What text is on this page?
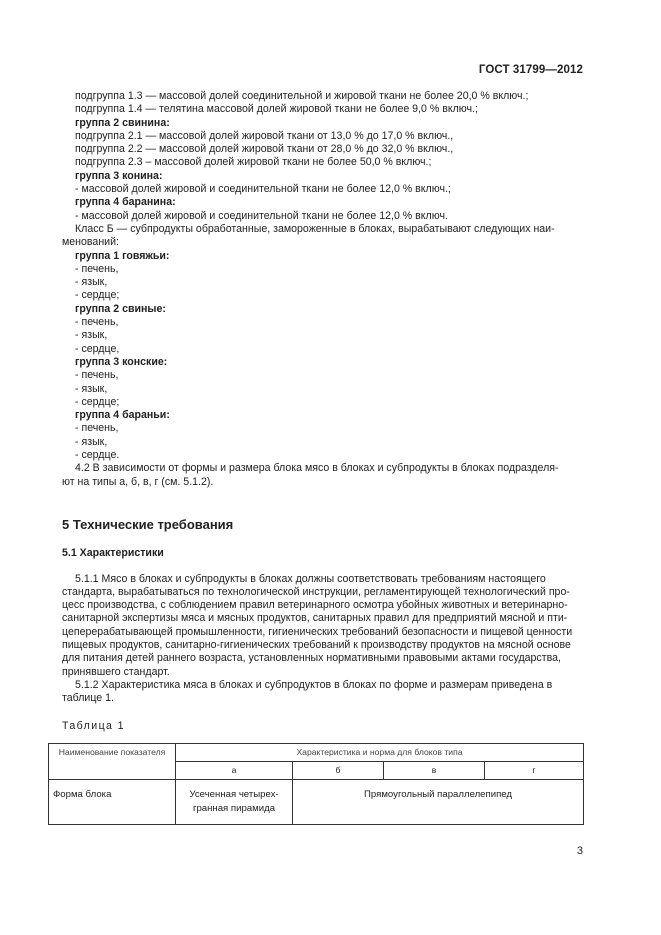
ГОСТ 31799—2012
подгруппа 1.3 — массовой долей соединительной и жировой ткани не более 20,0 % включ.;
подгруппа 1.4 — телятина массовой долей жировой ткани не более 9,0 % включ.;
группа 2 свинина:
подгруппа 2.1 — массовой долей жировой ткани от 13,0 % до 17,0 % включ.,
подгруппа 2.2 — массовой долей жировой ткани от 28,0 % до 32,0 % включ.,
подгруппа 2.3 – массовой долей жировой ткани не более 50,0 % включ.;
группа 3 конина:
- массовой долей жировой и соединительной ткани не более 12,0 % включ.;
группа 4 баранина:
- массовой долей жировой и соединительной ткани не более 12,0 % включ.
Класс Б — субпродукты обработанные, замороженные в блоках, вырабатывают следующих наи-
менований:
группа 1 говяжьи:
- печень,
- язык,
- сердце;
группа 2 свиные:
- печень,
- язык,
- сердце,
группа 3 конские:
- печень,
- язык,
- сердце;
группа 4 бараньи:
- печень,
- язык,
- сердце.
4.2 В зависимости от формы и размера блока мясо в блоках и субпродукты в блоках подразделя-
ют на типы а, б, в, г (см. 5.1.2).
5 Технические требования
5.1 Характеристики
5.1.1 Мясо в блоках и субпродукты в блоках должны соответствовать требованиям настоящего
стандарта, вырабатываться по технологической инструкции, регламентирующей технологический про-
цесс производства, с соблюдением правил ветеринарного осмотра убойных животных и ветеринарно-
санитарной экспертизы мяса и мясных продуктов, санитарных правил для предприятий мясной и пти-
цеперерабатывающей промышленности, гигиенических требований безопасности и пищевой ценности
пищевых продуктов, санитарно-гигиенических требований к производству продуктов на мясной основе
для питания детей раннего возраста, установленных нормативными правовыми актами государства,
принявшего стандарт.
5.1.2 Характеристика мяса в блоках и субпродуктов в блоках по форме и размерам приведена в
таблице 1.
Таблица 1
Наименование показателя	Характеристика и норма для блоков типа			
	а	б	в	г
Форма блока	Усеченная четырех-гранная пирамида	Прямоугольный параллелепипед		
3
